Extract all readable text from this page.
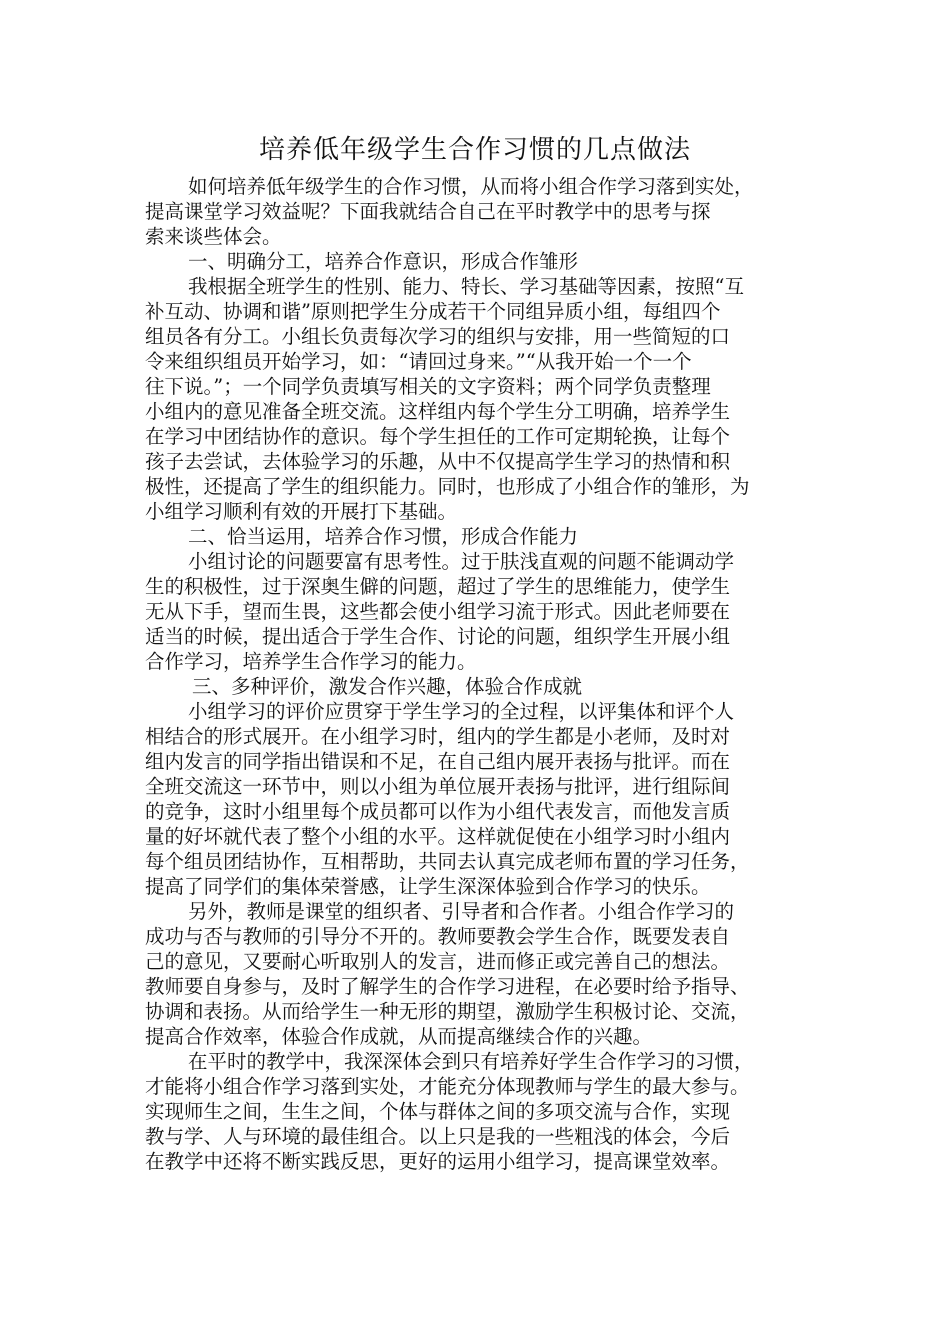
培养低年级学生合作习惯的几点做法

如何培养低年级学生的合作习惯，从而将小组合作学习落到实处，

提高课堂学习效益呢？下面我就结合自己在平时教学中的思考与探

索来谈些体会。

一、明确分工，培养合作意识，形成合作雏形

我根据全班学生的性别、能力、特长、学习基础等因素，按照“互

补互动、协调和谐”原则把学生分成若干个同组异质小组，每组四个

组员各有分工。小组长负责每次学习的组织与安排，用一些简短的口

令来组织组员开始学习，如：“请回过身来。”“从我开始一个一个

往下说。”；一个同学负责填写相关的文字资料；两个同学负责整理

小组内的意见准备全班交流。这样组内每个学生分工明确，培养学生

在学习中团结协作的意识。每个学生担任的工作可定期轮换，让每个

孩子去尝试，去体验学习的乐趣，从中不仅提高学生学习的热情和积

极性，还提高了学生的组织能力。同时，也形成了小组合作的雏形，为

小组学习顺利有效的开展打下基础。

二、恰当运用，培养合作习惯，形成合作能力

小组讨论的问题要富有思考性。过于肤浅直观的问题不能调动学

生的积极性，过于深奥生僻的问题，超过了学生的思维能力，使学生

无从下手，望而生畏，这些都会使小组学习流于形式。因此老师要在

适当的时候，提出适合于学生合作、讨论的问题，组织学生开展小组

合作学习，培养学生合作学习的能力。

三、多种评价，激发合作兴趣，体验合作成就

小组学习的评价应贯穿于学生学习的全过程，以评集体和评个人

相结合的形式展开。在小组学习时，组内的学生都是小老师，及时对

组内发言的同学指出错误和不足，在自己组内展开表扬与批评。而在

全班交流这一环节中，则以小组为单位展开表扬与批评，进行组际间

的竞争，这时小组里每个成员都可以作为小组代表发言，而他发言质

量的好坏就代表了整个小组的水平。这样就促使在小组学习时小组内

每个组员团结协作，互相帮助，共同去认真完成老师布置的学习任务，

提高了同学们的集体荣誉感，让学生深深体验到合作学习的快乐。

另外，教师是课堂的组织者、引导者和合作者。小组合作学习的

成功与否与教师的引导分不开的。教师要教会学生合作，既要发表自

己的意见，又要耐心听取别人的发言，进而修正或完善自己的想法。

教师要自身参与，及时了解学生的合作学习进程，在必要时给予指导、

协调和表扬。从而给学生一种无形的期望，激励学生积极讨论、交流，

提高合作效率，体验合作成就，从而提高继续合作的兴趣。

在平时的教学中，我深深体会到只有培养好学生合作学习的习惯，

才能将小组合作学习落到实处，才能充分体现教师与学生的最大参与。

实现师生之间，生生之间，个体与群体之间的多项交流与合作，实现

教与学、人与环境的最佳组合。以上只是我的一些粗浅的体会，今后

在教学中还将不断实践反思，更好的运用小组学习，提高课堂效率。
